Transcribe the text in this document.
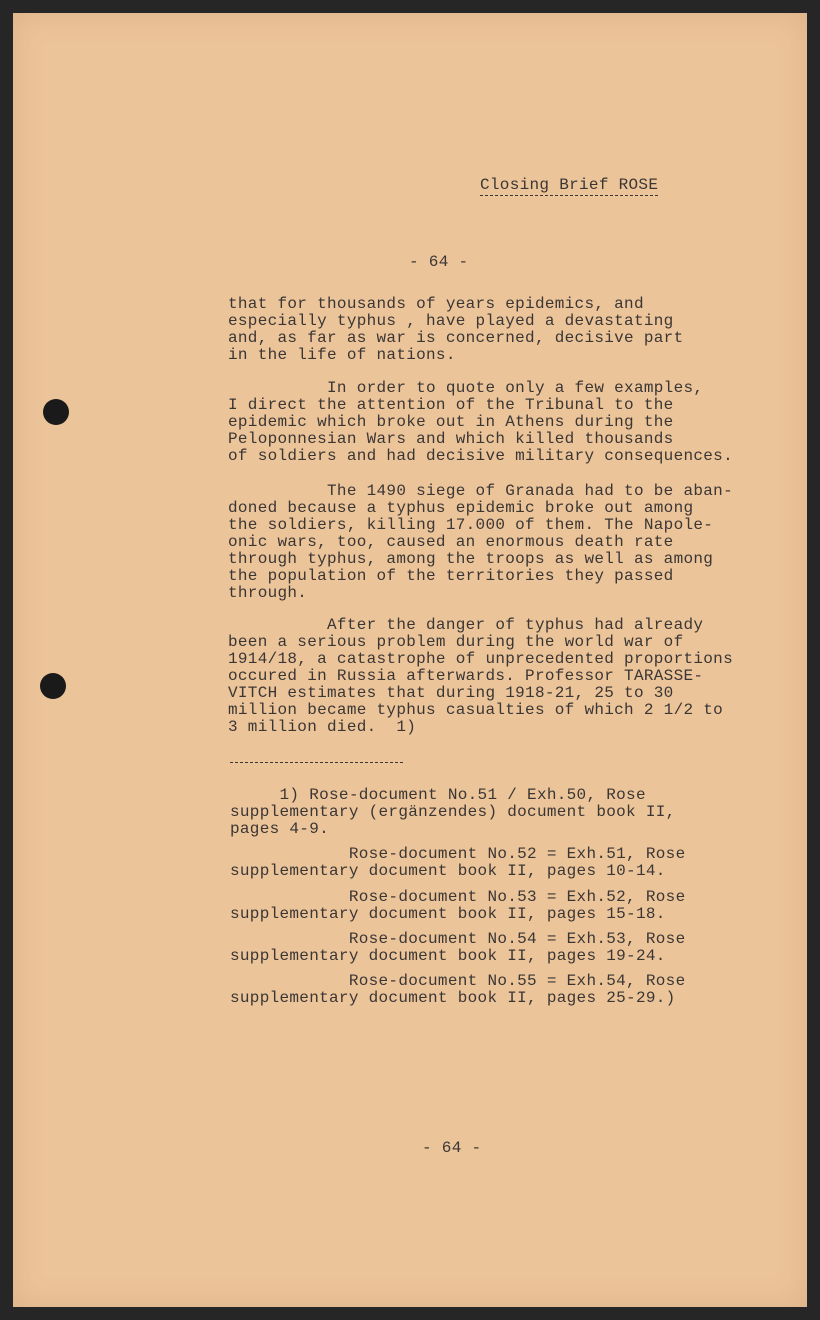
Closing Brief ROSE
- 64 -
that for thousands of years epidemics, and
especially typhus , have played a devastating
and, as far as war is concerned, decisive part
in the life of nations.
In order to quote only a few examples,
I direct the attention of the Tribunal to the
epidemic which broke out in Athens during the
Peloponnesian Wars and which killed thousands
of soldiers and had decisive military consequences.
The 1490 siege of Granada had to be aban-
doned because a typhus epidemic broke out among
the soldiers, killing 17.000 of them. The Napole-
onic wars, too, caused an enormous death rate
through typhus, among the troops as well as among
the population of the territories they passed
through.
After the danger of typhus had already
been a serious problem during the world war of
1914/18, a catastrophe of unprecedented proportions
occured in Russia afterwards. Professor TARASSE-
VITCH estimates that during 1918-21, 25 to 30
million became typhus casualties of which 2 1/2 to
3 million died.  1)
1) Rose-document No.51 / Exh.50, Rose
supplementary (ergänzendes) document book II,
pages 4-9.
Rose-document No.52 = Exh.51, Rose
supplementary document book II, pages 10-14.
Rose-document No.53 = Exh.52, Rose
supplementary document book II, pages 15-18.
Rose-document No.54 = Exh.53, Rose
supplementary document book II, pages 19-24.
Rose-document No.55 = Exh.54, Rose
supplementary document book II, pages 25-29.)
- 64 -
